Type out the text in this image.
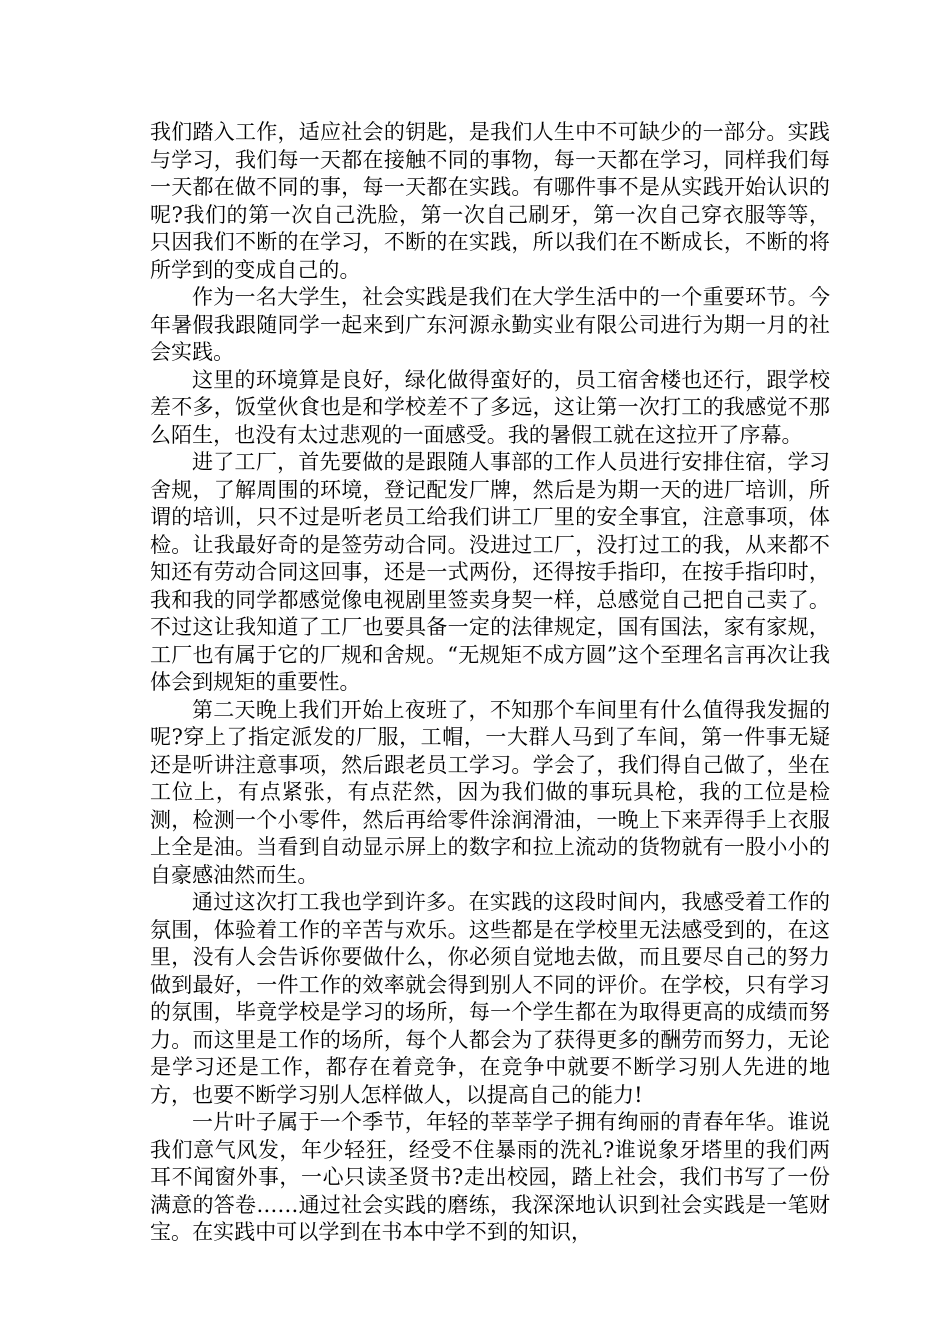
我们踏入工作，适应社会的钥匙，是我们人生中不可缺少的一部分。实践与学习，我们每一天都在接触不同的事物，每一天都在学习，同样我们每一天都在做不同的事，每一天都在实践。有哪件事不是从实践开始认识的呢?我们的第一次自己洗脸，第一次自己刷牙，第一次自己穿衣服等等，只因我们不断的在学习，不断的在实践，所以我们在不断成长，不断的将所学到的变成自己的。

作为一名大学生，社会实践是我们在大学生活中的一个重要环节。今年暑假我跟随同学一起来到广东河源永勤实业有限公司进行为期一月的社会实践。

这里的环境算是良好，绿化做得蛮好的，员工宿舍楼也还行，跟学校差不多，饭堂伙食也是和学校差不了多远，这让第一次打工的我感觉不那么陌生，也没有太过悲观的一面感受。我的暑假工就在这拉开了序幕。

进了工厂，首先要做的是跟随人事部的工作人员进行安排住宿，学习舍规，了解周围的环境，登记配发厂牌，然后是为期一天的进厂培训，所谓的培训，只不过是听老员工给我们讲工厂里的安全事宜，注意事项，体检。让我最好奇的是签劳动合同。没进过工厂，没打过工的我，从来都不知还有劳动合同这回事，还是一式两份，还得按手指印，在按手指印时，我和我的同学都感觉像电视剧里签卖身契一样，总感觉自己把自己卖了。不过这让我知道了工厂也要具备一定的法律规定，国有国法，家有家规，工厂也有属于它的厂规和舍规。“无规矩不成方圆”这个至理名言再次让我体会到规矩的重要性。

第二天晚上我们开始上夜班了，不知那个车间里有什么值得我发掘的呢?穿上了指定派发的厂服，工帽，一大群人马到了车间，第一件事无疑还是听讲注意事项，然后跟老员工学习。学会了，我们得自己做了，坐在工位上，有点紧张，有点茫然，因为我们做的事玩具枪，我的工位是检测，检测一个小零件，然后再给零件涂润滑油，一晚上下来弄得手上衣服上全是油。当看到自动显示屏上的数字和拉上流动的货物就有一股小小的自豪感油然而生。

通过这次打工我也学到许多。在实践的这段时间内，我感受着工作的氛围，体验着工作的辛苦与欢乐。这些都是在学校里无法感受到的，在这里，没有人会告诉你要做什么，你必须自觉地去做，而且要尽自己的努力做到最好，一件工作的效率就会得到别人不同的评价。在学校，只有学习的氛围，毕竟学校是学习的场所，每一个学生都在为取得更高的成绩而努力。而这里是工作的场所，每个人都会为了获得更多的酬劳而努力，无论是学习还是工作，都存在着竞争，在竞争中就要不断学习别人先进的地方，也要不断学习别人怎样做人，以提高自己的能力!

一片叶子属于一个季节，年轻的莘莘学子拥有绚丽的青春年华。谁说我们意气风发，年少轻狂，经受不住暴雨的洗礼?谁说象牙塔里的我们两耳不闻窗外事，一心只读圣贤书?走出校园，踏上社会，我们书写了一份满意的答卷……通过社会实践的磨练，我深深地认识到社会实践是一笔财宝。在实践中可以学到在书本中学不到的知识，
